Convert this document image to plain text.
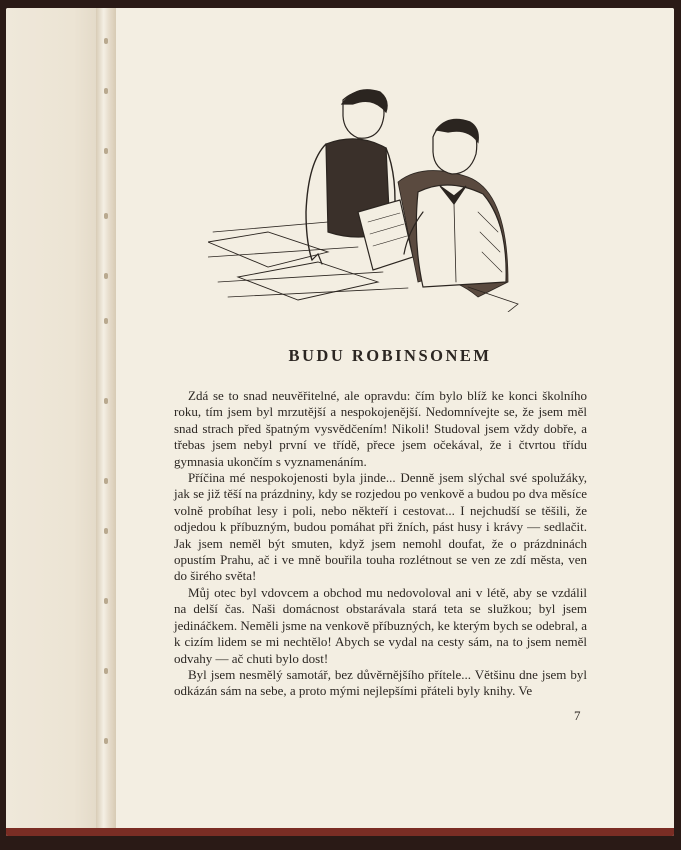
BUDU ROBINSONEM

Zdá se to snad neuvěřitelné, ale opravdu: čím bylo blíž ke konci školního roku, tím jsem byl mrzutější a nespokojenější. Nedomnívejte se, že jsem měl snad strach před špatným vysvědčením! Nikoli! Studoval jsem vždy dobře, a třebas jsem nebyl první ve třídě, přece jsem očekával, že i čtvrtou třídu gymnasia ukončím s vyznamenáním.

Příčina mé nespokojenosti byla jinde... Denně jsem slýchal své spolužáky, jak se již těší na prázdniny, kdy se rozjedou po venkově a budou po dva měsíce volně probíhat lesy i poli, nebo někteří i cestovat... I nejchudší se těšili, že odjedou k příbuzným, budou pomáhat při žních, pást husy i krávy — sedlačit. Jak jsem neměl být smuten, když jsem nemohl doufat, že o prázdninách opustím Prahu, ač i ve mně bouřila touha rozlétnout se ven ze zdí města, ven do širého světa!

Můj otec byl vdovcem a obchod mu nedovoloval ani v létě, aby se vzdálil na delší čas. Naši domácnost obstarávala stará teta se služkou; byl jsem jedináčkem. Neměli jsme na venkově příbuzných, ke kterým bych se odebral, a k cizím lidem se mi nechtělo! Abych se vydal na cesty sám, na to jsem neměl odvahy — ač chuti bylo dost!

Byl jsem nesmělý samotář, bez důvěrnějšího přítele... Většinu dne jsem byl odkázán sám na sebe, a proto mými nejlepšími přáteli byly knihy. Ve

7
